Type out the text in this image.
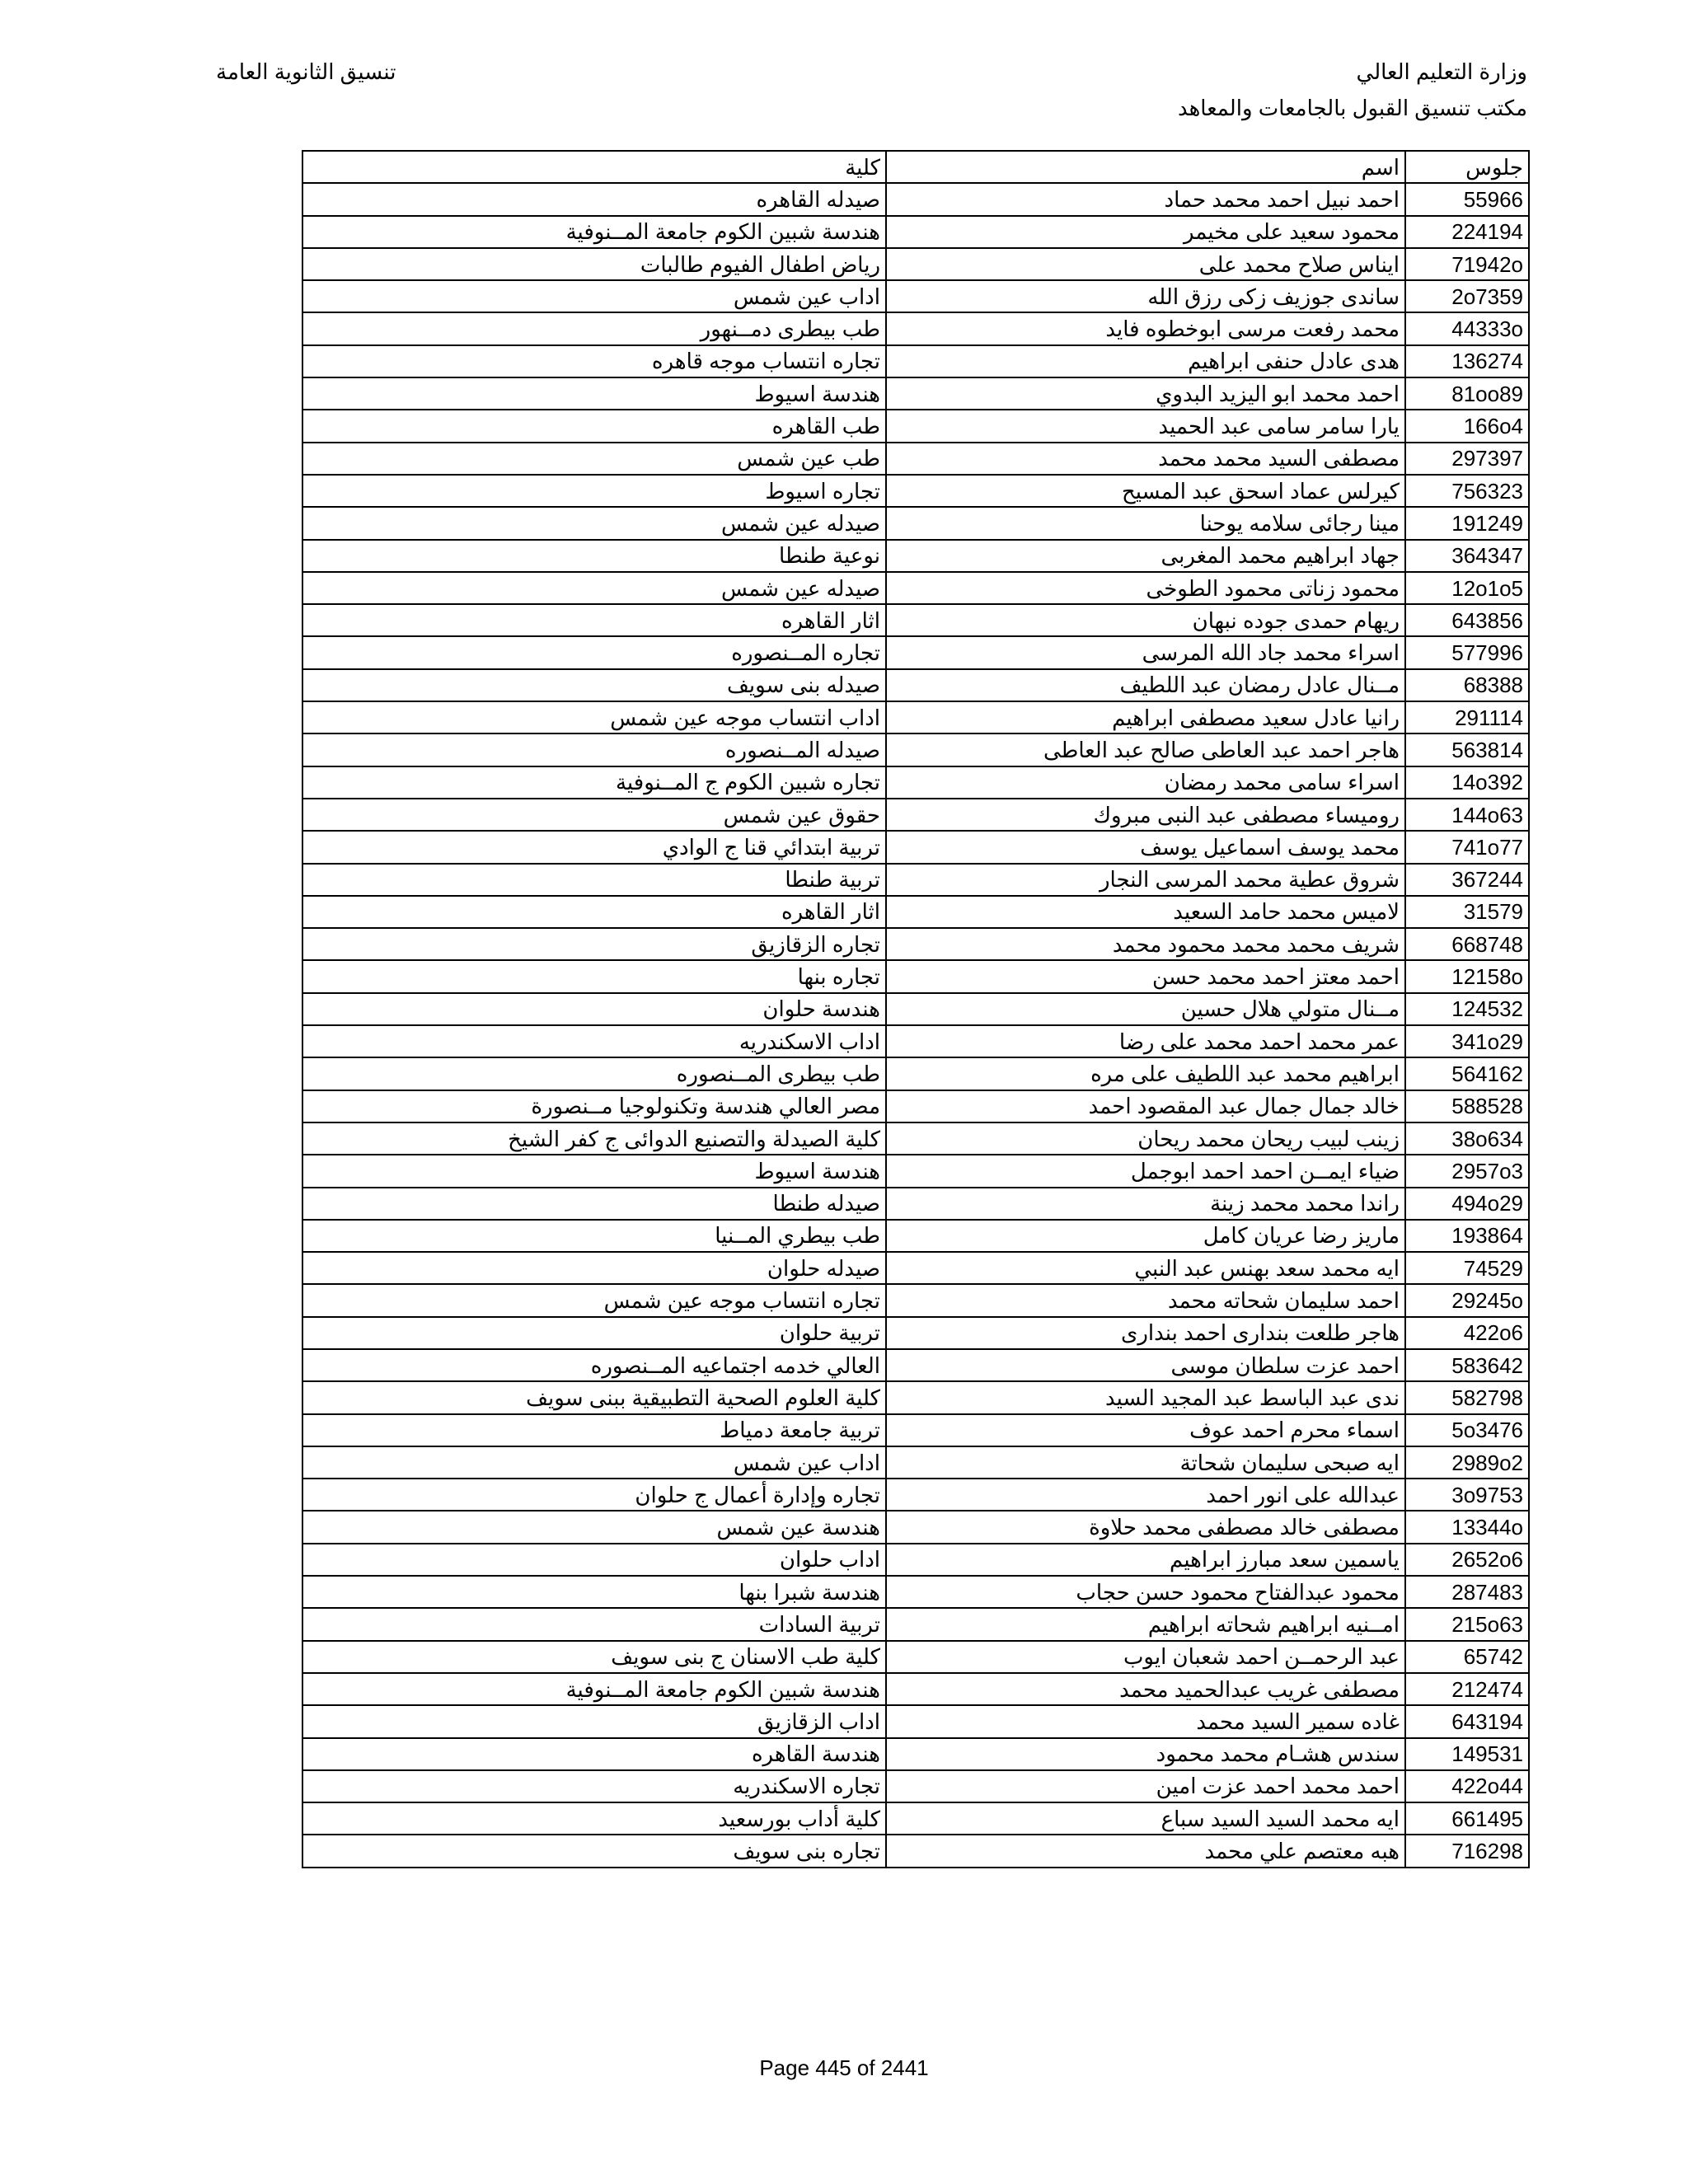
وزارة التعليم العالي
مكتب تنسيق القبول بالجامعات والمعاهد
تنسيق الثانوية العامة
جلوس	اسم	كلية
55966	احمد نبيل احمد محمد حماد	صيدله القاهره
224194	محمود سعيد على مخيمر	هندسة شبين الكوم جامعة المــنوفية
71942o	ايناس صلاح محمد على	رياض اطفال الفيوم طالبات
2o7359	ساندى جوزيف زكى رزق الله	اداب عين شمس
44333o	محمد رفعت مرسى ابوخطوه فايد	طب بيطرى دمــنهور
136274	هدى عادل حنفى ابراهيم	تجاره انتساب موجه قاهره
81oo89	احمد محمد ابو اليزيد البدوي	هندسة اسيوط
166o4	يارا سامر سامى عبد الحميد	طب القاهره
297397	مصطفى السيد محمد محمد	طب عين شمس
756323	كيرلس عماد اسحق عبد المسيح	تجاره اسيوط
191249	مينا رجائى سلامه يوحنا	صيدله عين شمس
364347	جهاد ابراهيم محمد المغربى	نوعية طنطا
12o1o5	محمود زناتى محمود الطوخى	صيدله عين شمس
643856	ريهام حمدى جوده نبهان	اثار القاهره
577996	اسراء محمد جاد الله المرسى	تجاره المــنصوره
68388	مــنال عادل رمضان عبد اللطيف	صيدله بنى سويف
291114	رانيا عادل سعيد مصطفى ابراهيم	اداب انتساب موجه عين شمس
563814	هاجر احمد عبد العاطى صالح عبد العاطى	صيدله المــنصوره
14o392	اسراء سامى محمد رمضان	تجاره شبين الكوم ج المــنوفية
144o63	روميساء مصطفى عبد النبى مبروك	حقوق عين شمس
741o77	محمد يوسف اسماعيل يوسف	تربية ابتدائي قنا ج الوادي
367244	شروق عطية محمد المرسى النجار	تربية طنطا
31579	لاميس محمد حامد السعيد	اثار القاهره
668748	شريف محمد محمد محمود محمد	تجاره الزقازيق
12158o	احمد معتز احمد محمد حسن	تجاره بنها
124532	مــنال متولي هلال حسين	هندسة حلوان
341o29	عمر محمد احمد محمد على رضا	اداب الاسكندريه
564162	ابراهيم محمد عبد اللطيف على مره	طب بيطرى المــنصوره
588528	خالد جمال جمال عبد المقصود احمد	مصر العالي هندسة وتكنولوجيا مــنصورة
38o634	زينب لبيب ريحان محمد ريحان	كلية الصيدلة والتصنيع الدوائى ج كفر الشيخ
2957o3	ضياء ايمــن احمد احمد ابوجمل	هندسة اسيوط
494o29	راندا محمد محمد زينة	صيدله طنطا
193864	ماريز رضا عريان كامل	طب بيطري المــنيا
74529	ايه محمد سعد بهنس عبد النبي	صيدله حلوان
29245o	احمد سليمان شحاته محمد	تجاره انتساب موجه عين شمس
422o6	هاجر طلعت بندارى احمد بندارى	تربية حلوان
583642	احمد عزت سلطان موسى	العالي خدمه اجتماعيه المــنصوره
582798	ندى عبد الباسط عبد المجيد السيد	كلية العلوم الصحية التطبيقية ببنى سويف
5o3476	اسماء محرم احمد عوف	تربية جامعة دمياط
2989o2	ايه صبحى سليمان شحاتة	اداب عين شمس
3o9753	عبدالله على انور احمد	تجاره وإدارة أعمال ج حلوان
13344o	مصطفى خالد مصطفى محمد حلاوة	هندسة عين شمس
2652o6	ياسمين سعد مبارز ابراهيم	اداب حلوان
287483	محمود عبدالفتاح محمود حسن حجاب	هندسة شبرا بنها
215o63	امــنيه ابراهيم شحاته ابراهيم	تربية السادات
65742	عبد الرحمــن احمد شعبان ايوب	كلية طب الاسنان ج بنى سويف
212474	مصطفى غريب عبدالحميد محمد	هندسة شبين الكوم جامعة المــنوفية
643194	غاده سمير السيد محمد	اداب الزقازيق
149531	سندس هشـام محمد محمود	هندسة القاهره
422o44	احمد محمد احمد عزت امين	تجاره الاسكندريه
661495	ايه محمد السيد السيد سباع	كلية أداب بورسعيد
716298	هبه معتصم علي محمد	تجاره بنى سويف
Page 445 of 2441
